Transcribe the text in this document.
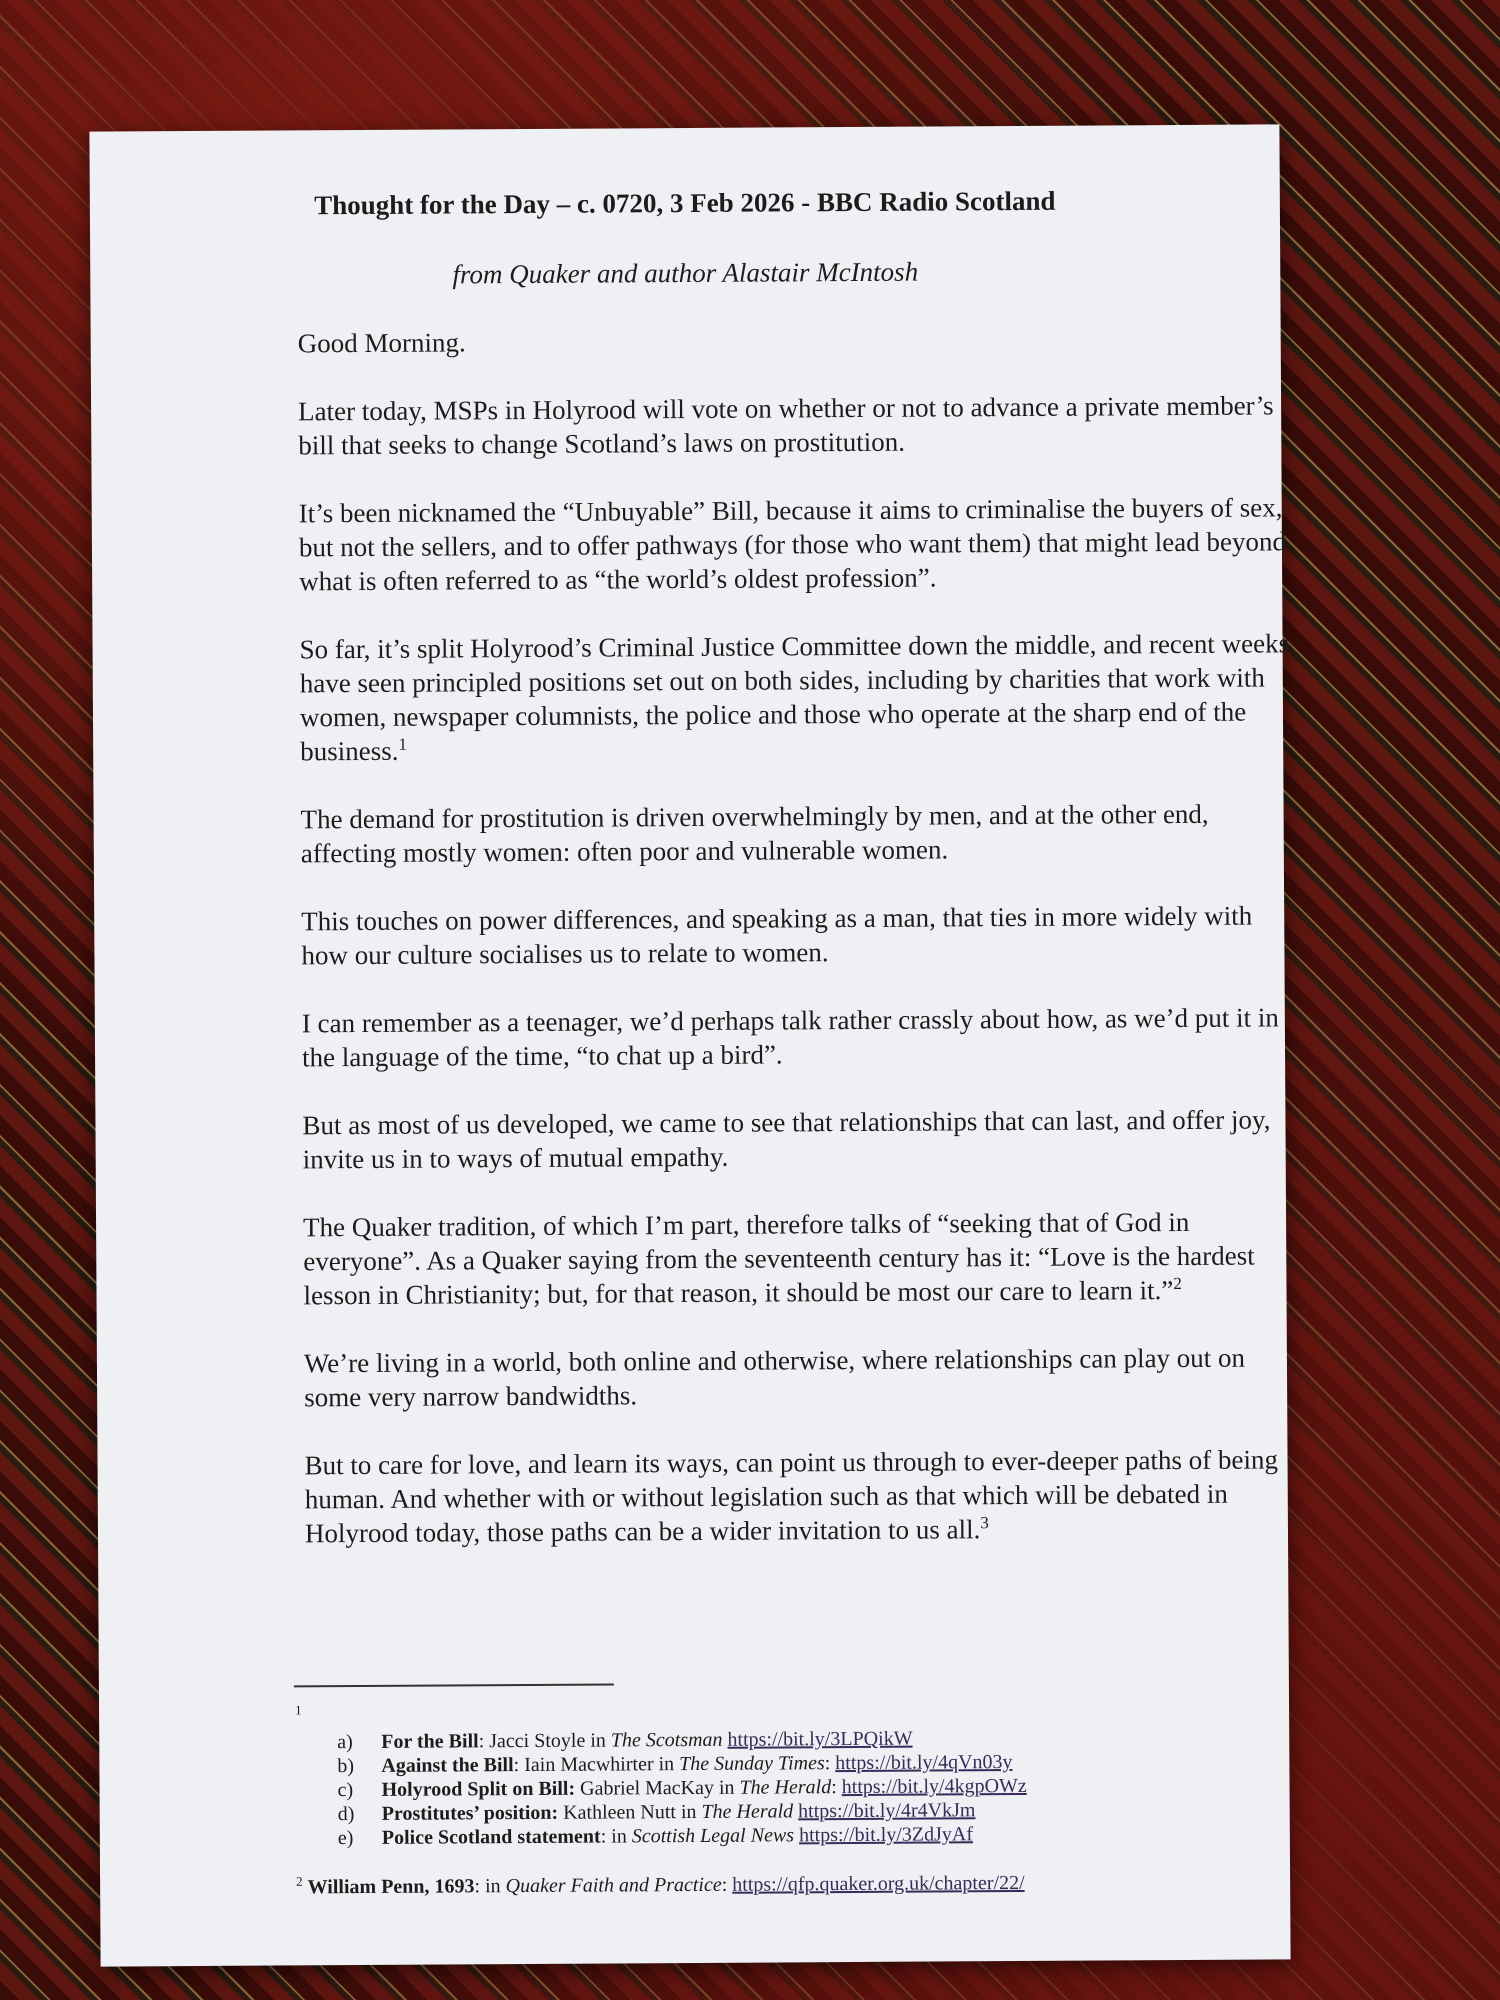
Thought for the Day – c. 0720, 3 Feb 2026 - BBC Radio Scotland
from Quaker and author Alastair McIntosh

Good Morning.

Later today, MSPs in Holyrood will vote on whether or not to advance a private member’s bill that seeks to change Scotland’s laws on prostitution.

It’s been nicknamed the “Unbuyable” Bill, because it aims to criminalise the buyers of sex, but not the sellers, and to offer pathways (for those who want them) that might lead beyond what is often referred to as “the world’s oldest profession”.

So far, it’s split Holyrood’s Criminal Justice Committee down the middle, and recent weeks have seen principled positions set out on both sides, including by charities that work with women, newspaper columnists, the police and those who operate at the sharp end of the business.$^1$

The demand for prostitution is driven overwhelmingly by men, and at the other end, affecting mostly women: often poor and vulnerable women.

This touches on power differences, and speaking as a man, that ties in more widely with how our culture socialises us to relate to women.

I can remember as a teenager, we’d perhaps talk rather crassly about how, as we’d put it in the language of the time, “to chat up a bird”.

But as most of us developed, we came to see that relationships that can last, and offer joy, invite us in to ways of mutual empathy.

The Quaker tradition, of which I’m part, therefore talks of “seeking that of God in everyone”. As a Quaker saying from the seventeenth century has it: “Love is the hardest lesson in Christianity; but, for that reason, it should be most our care to learn it.”$^2$

We’re living in a world, both online and otherwise, where relationships can play out on some very narrow bandwidths.

But to care for love, and learn its ways, can point us through to ever-deeper paths of being human. And whether with or without legislation such as that which will be debated in Holyrood today, those paths can be a wider invitation to us all.$^3$

1
a) For the Bill: Jacci Stoyle in The Scotsman https://bit.ly/3LPQikW
b) Against the Bill: Iain Macwhirter in The Sunday Times: https://bit.ly/4qVn03y
c) Holyrood Split on Bill: Gabriel MacKay in The Herald: https://bit.ly/4kgpOWz
d) Prostitutes’ position: Kathleen Nutt in The Herald https://bit.ly/4r4VkJm
e) Police Scotland statement: in Scottish Legal News https://bit.ly/3ZdJyAf
$^2$ William Penn, 1693: in Quaker Faith and Practice: https://qfp.quaker.org.uk/chapter/22/
